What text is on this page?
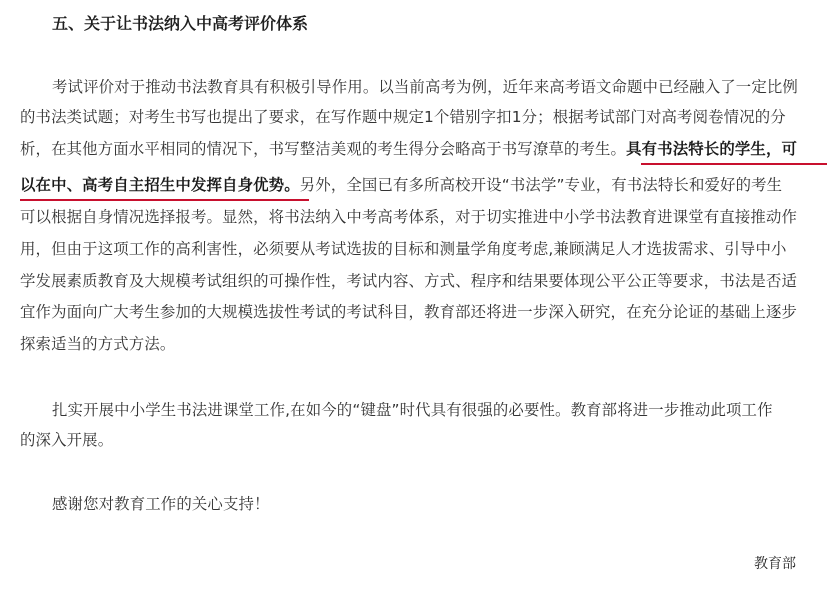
五、关于让书法纳入中高考评价体系
考试评价对于推动书法教育具有积极引导作用。以当前高考为例，近年来高考语文命题中已经融入了一定比例
的书法类试题；对考生书写也提出了要求，在写作题中规定1个错别字扣1分；根据考试部门对高考阅卷情况的分
析，在其他方面水平相同的情况下，书写整洁美观的考生得分会略高于书写潦草的考生。具有书法特长的学生，可
以在中、高考自主招生中发挥自身优势。另外，全国已有多所高校开设“书法学”专业，有书法特长和爱好的考生
可以根据自身情况选择报考。显然，将书法纳入中考高考体系，对于切实推进中小学书法教育进课堂有直接推动作
用，但由于这项工作的高利害性，必须要从考试选拔的目标和测量学角度考虑,兼顾满足人才选拔需求、引导中小
学发展素质教育及大规模考试组织的可操作性，考试内容、方式、程序和结果要体现公平公正等要求，书法是否适
宜作为面向广大考生参加的大规模选拔性考试的考试科目，教育部还将进一步深入研究，在充分论证的基础上逐步
探索适当的方式方法。
扎实开展中小学生书法进课堂工作,在如今的“键盘”时代具有很强的必要性。教育部将进一步推动此项工作
的深入开展。
感谢您对教育工作的关心支持！
教育部
